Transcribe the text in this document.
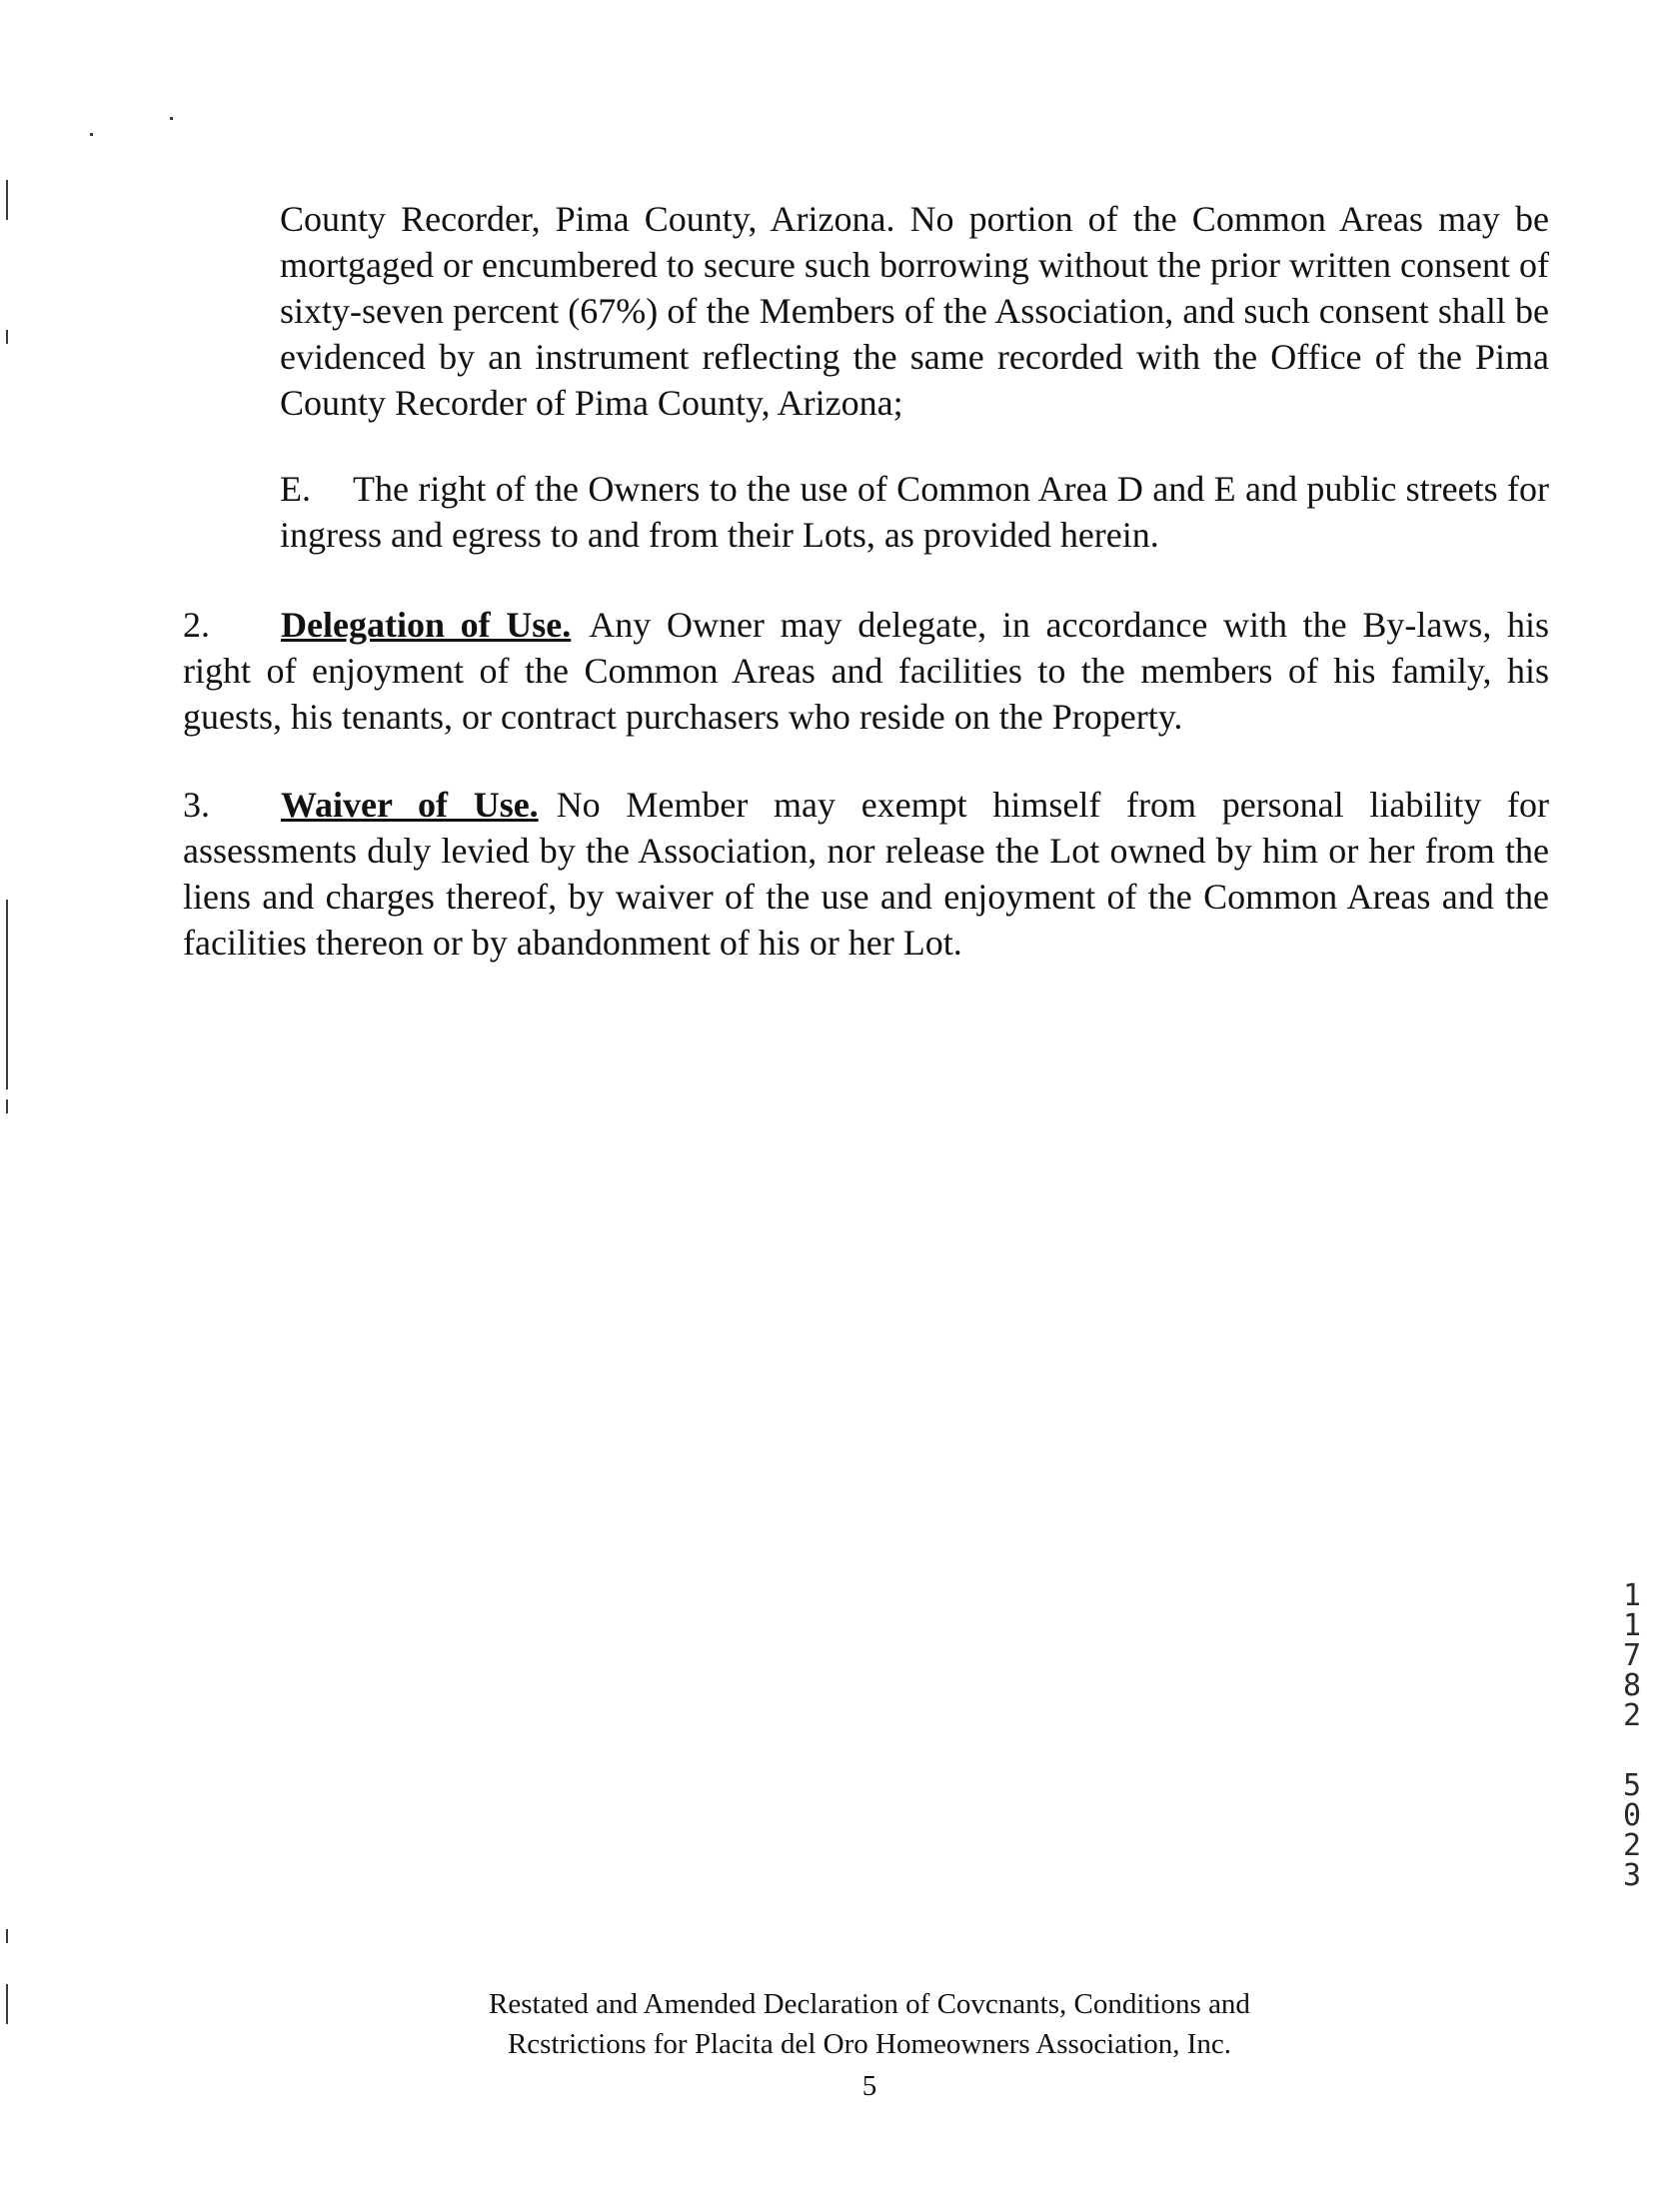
County Recorder, Pima County, Arizona. No portion of the Common Areas may be mortgaged or encumbered to secure such borrowing without the prior written consent of sixty-seven percent (67%) of the Members of the Association, and such consent shall be evidenced by an instrument reflecting the same recorded with the Office of the Pima County Recorder of Pima County, Arizona;

E. The right of the Owners to the use of Common Area D and E and public streets for ingress and egress to and from their Lots, as provided herein.

2. Delegation of Use. Any Owner may delegate, in accordance with the By-laws, his right of enjoyment of the Common Areas and facilities to the members of his family, his guests, his tenants, or contract purchasers who reside on the Property.

3. Waiver of Use. No Member may exempt himself from personal liability for assessments duly levied by the Association, nor release the Lot owned by him or her from the liens and charges thereof, by waiver of the use and enjoyment of the Common Areas and the facilities thereon or by abandonment of his or her Lot.

1
1
7
8
2
5
0
2
3
Restated and Amended Declaration of Covcnants, Conditions and
Rcstrictions for Placita del Oro Homeowners Association, Inc.
5
